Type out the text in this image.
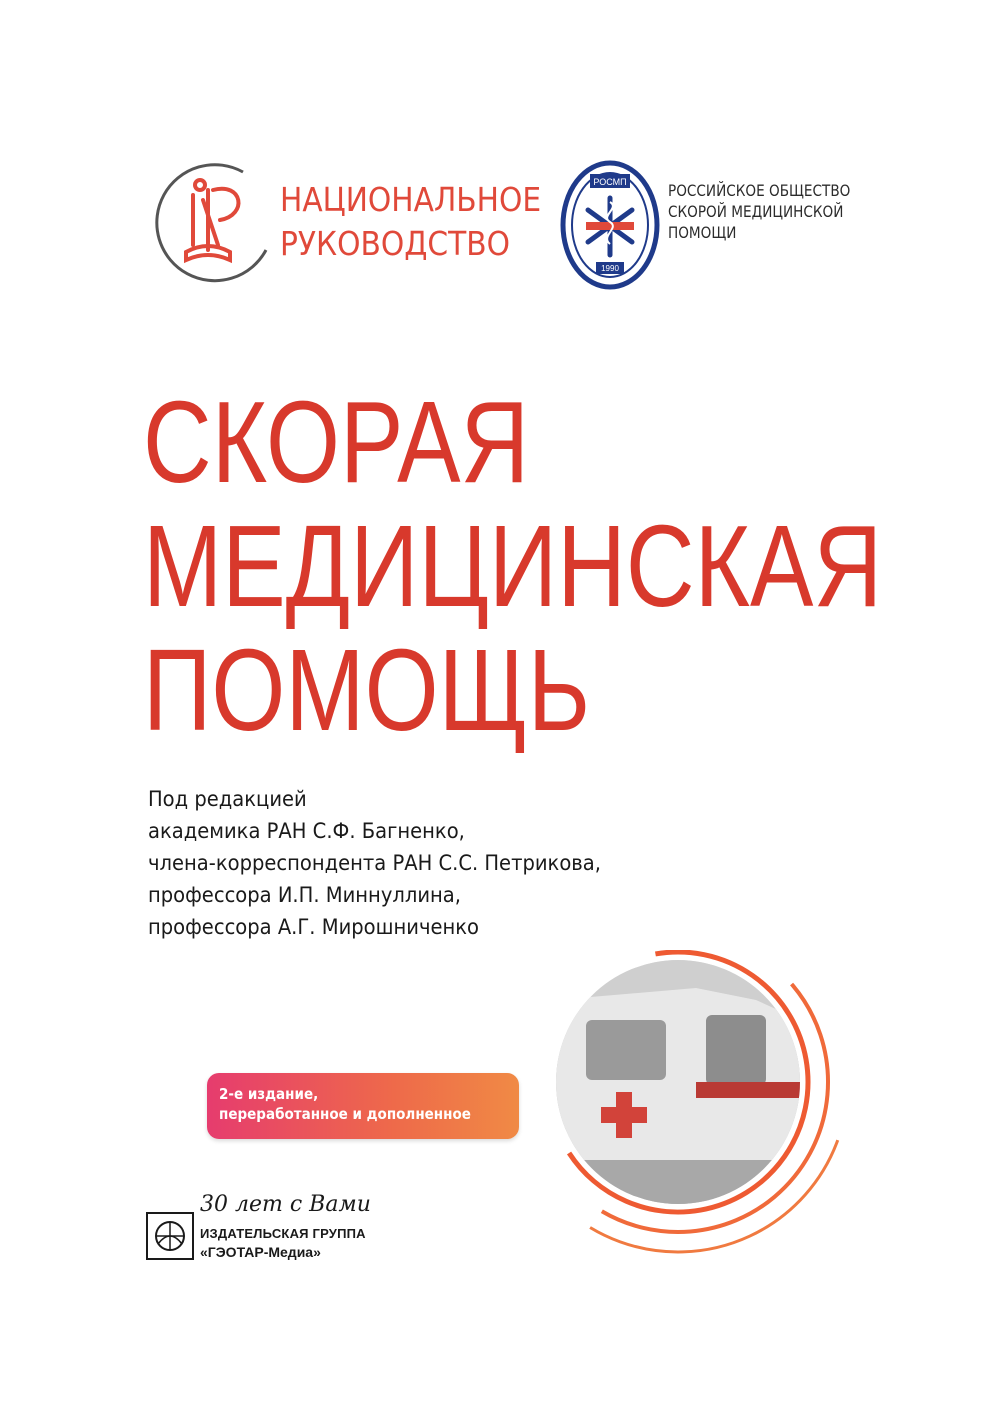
НАЦИОНАЛЬНОЕ
РУКОВОДСТВО
РОСМП
1990
РОССИЙСКОЕ ОБЩЕСТВО
СКОРОЙ МЕДИЦИНСКОЙ
ПОМОЩИ
СКОРАЯ
МЕДИЦИНСКАЯ
ПОМОЩЬ
Под редакцией
академика РАН С.Ф. Багненко,
члена-корреспондента РАН С.С. Петрикова,
профессора И.П. Миннуллина,
профессора А.Г. Мирошниченко
2-е издание,
переработанное и дополненное
30 лет с Вами
ИЗДАТЕЛЬСКАЯ ГРУППА
«ГЭОТАР-Медиа»
